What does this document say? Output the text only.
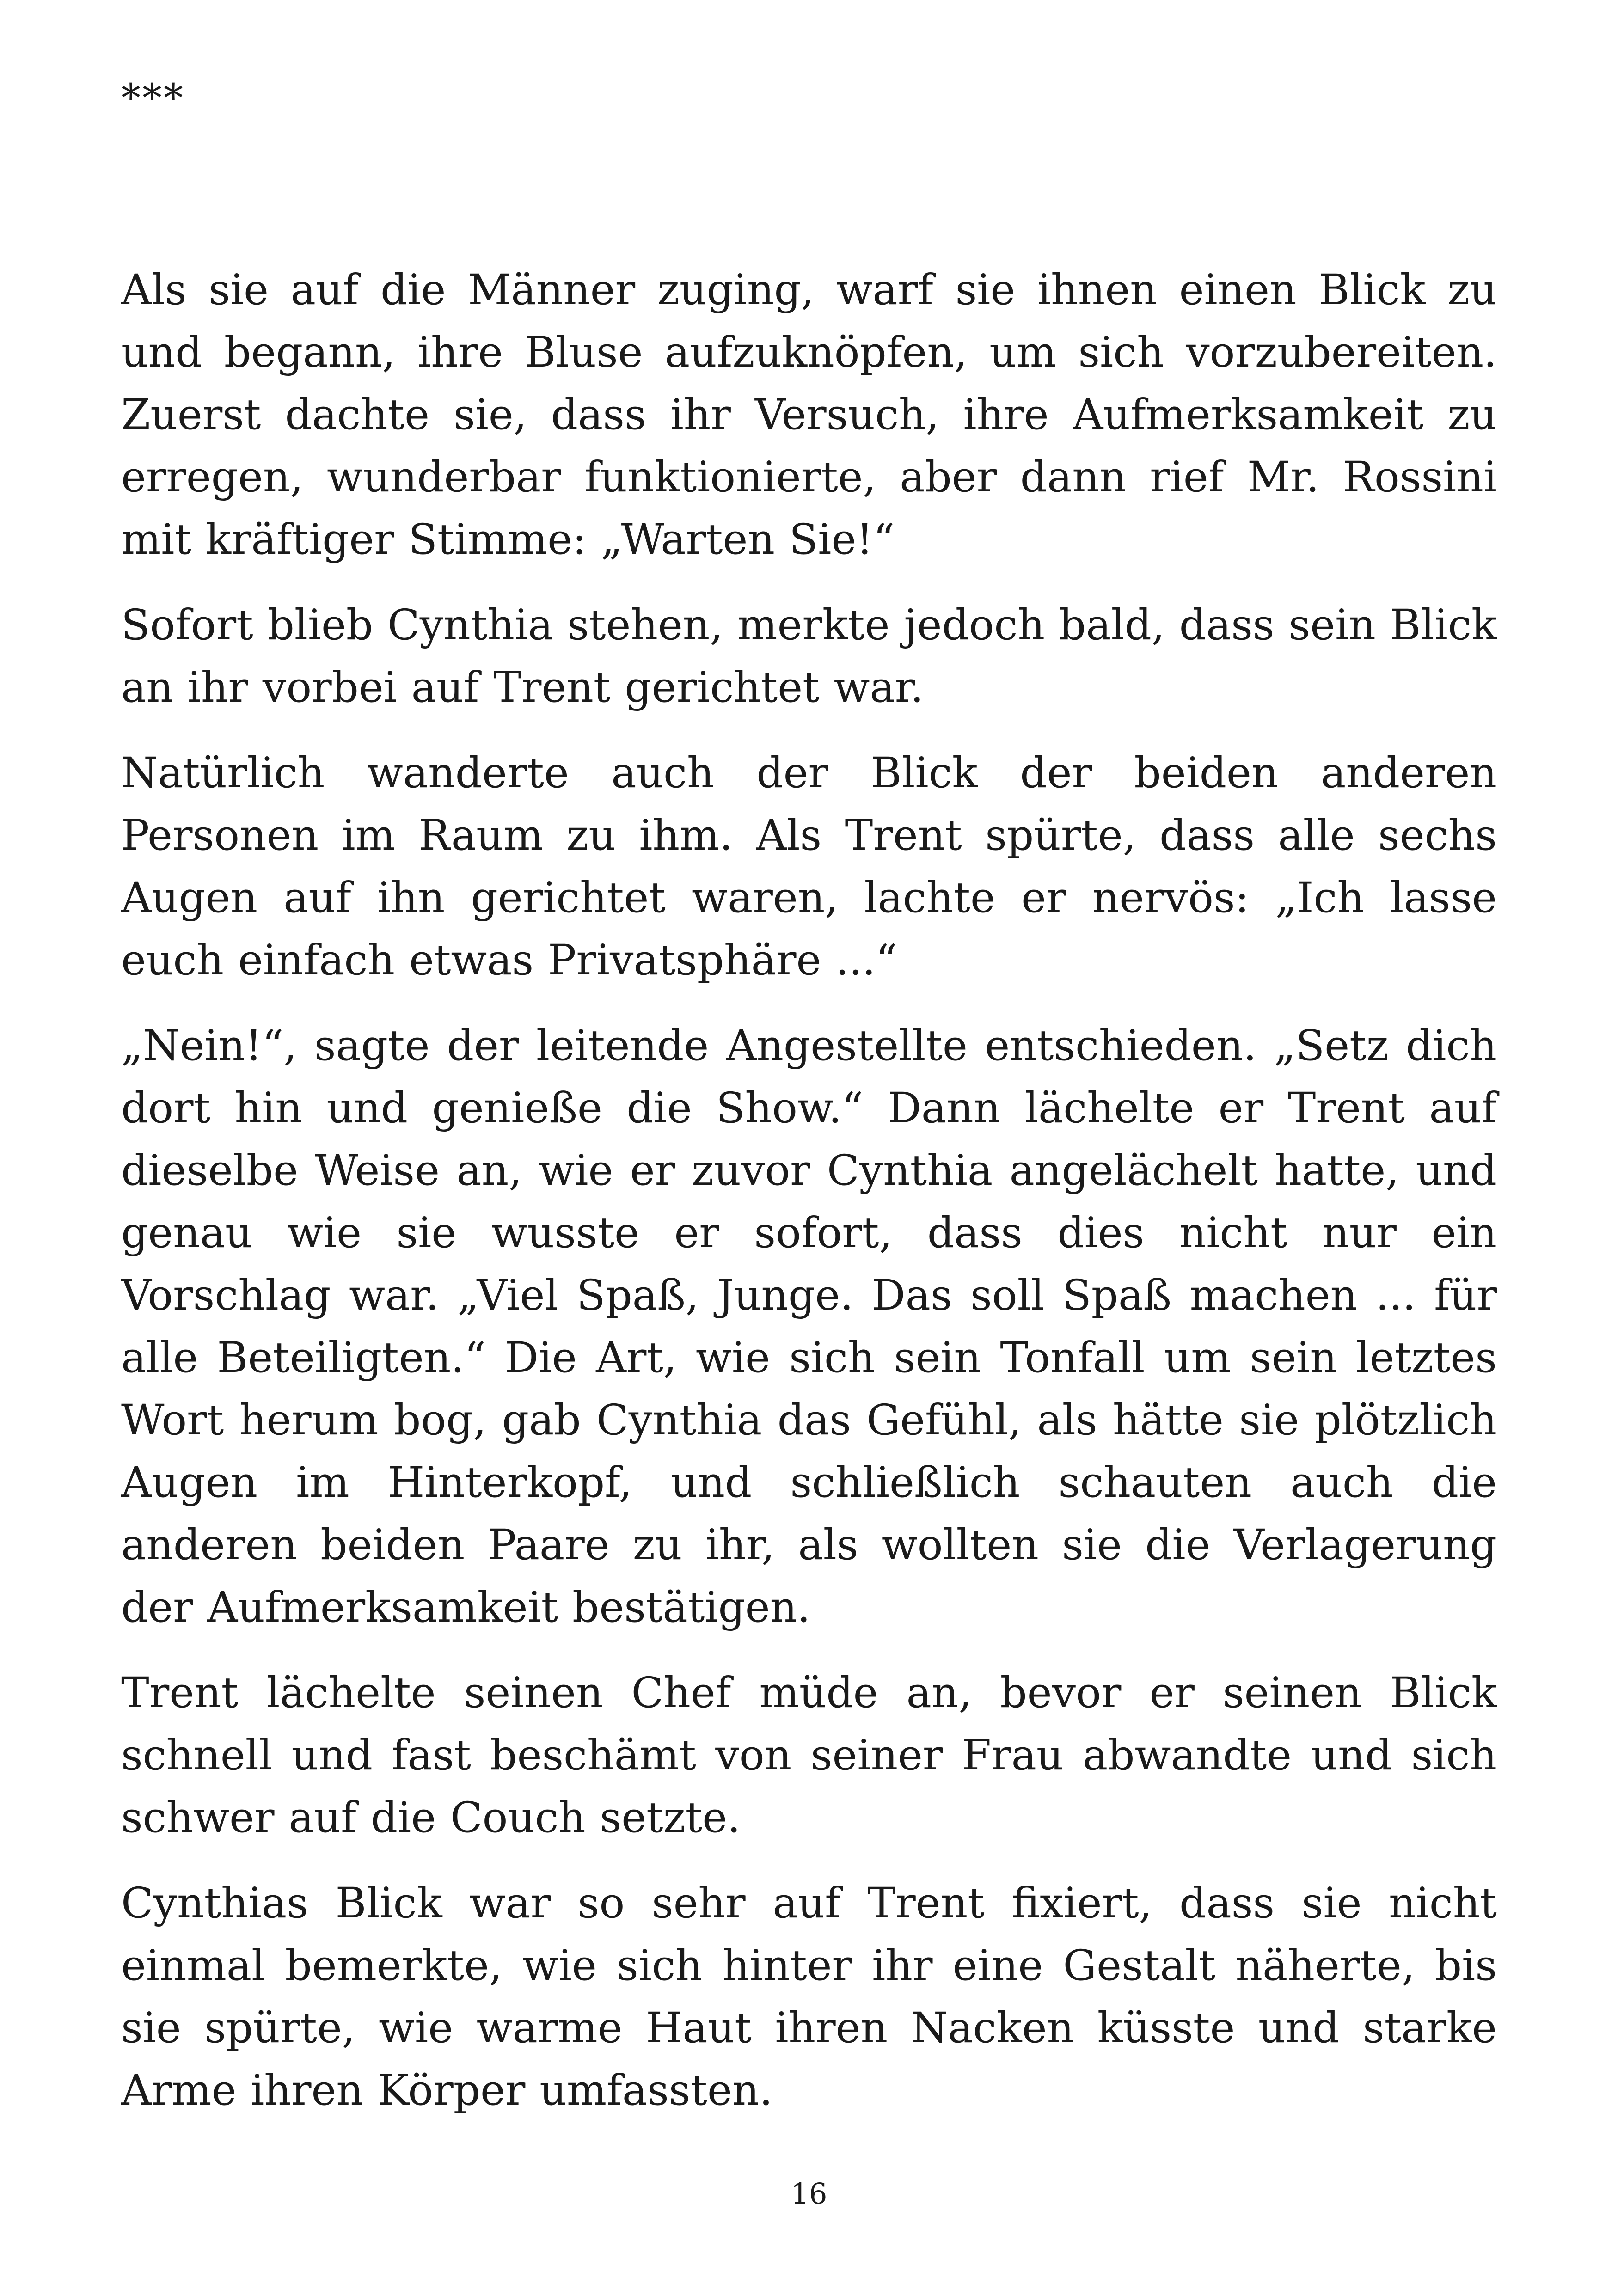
***

Als sie auf die Männer zuging, warf sie ihnen einen Blick zu und begann, ihre Bluse aufzuknöpfen, um sich vorzubereiten. Zuerst dachte sie, dass ihr Versuch, ihre Aufmerksamkeit zu erregen, wunderbar funktionierte, aber dann rief Mr. Rossini mit kräftiger Stimme: „Warten Sie!“

Sofort blieb Cynthia stehen, merkte jedoch bald, dass sein Blick an ihr vorbei auf Trent gerichtet war.

Natürlich wanderte auch der Blick der beiden anderen Personen im Raum zu ihm. Als Trent spürte, dass alle sechs Augen auf ihn gerichtet waren, lachte er nervös: „Ich lasse euch einfach etwas Privatsphäre ...“

„Nein!“, sagte der leitende Angestellte entschieden. „Setz dich dort hin und genieße die Show.“ Dann lächelte er Trent auf dieselbe Weise an, wie er zuvor Cynthia angelächelt hatte, und genau wie sie wusste er sofort, dass dies nicht nur ein Vorschlag war. „Viel Spaß, Junge. Das soll Spaß machen ... für alle Beteiligten.“ Die Art, wie sich sein Tonfall um sein letztes Wort herum bog, gab Cynthia das Gefühl, als hätte sie plötzlich Augen im Hinterkopf, und schließlich schauten auch die anderen beiden Paare zu ihr, als wollten sie die Verlagerung der Aufmerksamkeit bestätigen.

Trent lächelte seinen Chef müde an, bevor er seinen Blick schnell und fast beschämt von seiner Frau abwandte und sich schwer auf die Couch setzte.

Cynthias Blick war so sehr auf Trent fixiert, dass sie nicht einmal bemerkte, wie sich hinter ihr eine Gestalt näherte, bis sie spürte, wie warme Haut ihren Nacken küsste und starke Arme ihren Körper umfassten.

16
